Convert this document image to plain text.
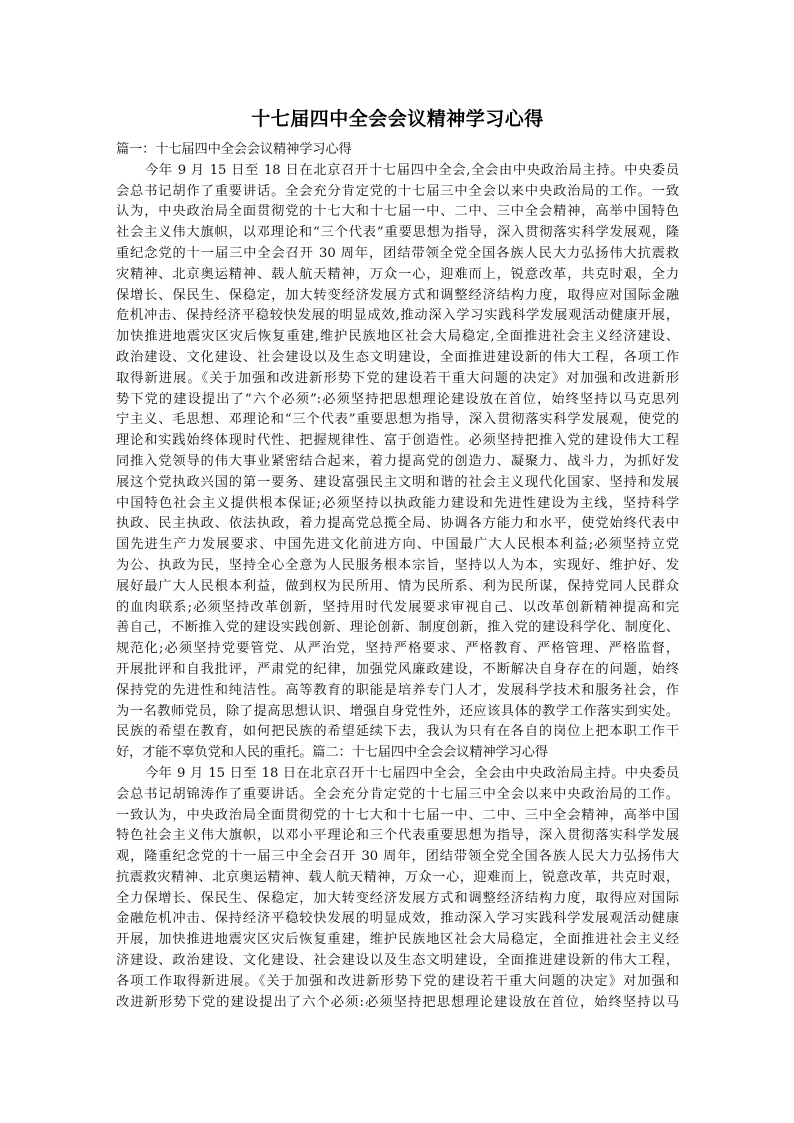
十七届四中全会会议精神学习心得
篇一：十七届四中全会会议精神学习心得
今年 9 月 15 日至 18 日在北京召开十七届四中全会,全会由中央政治局主持。中央委员
会总书记胡作了重要讲话。全会充分肯定党的十七届三中全会以来中央政治局的工作。一致
认为，中央政治局全面贯彻党的十七大和十七届一中、二中、三中全会精神，高举中国特色
社会主义伟大旗帜，以邓理论和“三个代表”重要思想为指导，深入贯彻落实科学发展观，隆
重纪念党的十一届三中全会召开 30 周年，团结带领全党全国各族人民大力弘扬伟大抗震救
灾精神、北京奥运精神、载人航天精神，万众一心，迎难而上，锐意改革，共克时艰，全力
保增长、保民生、保稳定，加大转变经济发展方式和调整经济结构力度，取得应对国际金融
危机冲击、保持经济平稳较快发展的明显成效,推动深入学习实践科学发展观活动健康开展，
加快推进地震灾区灾后恢复重建,维护民族地区社会大局稳定,全面推进社会主义经济建设、
政治建设、文化建设、社会建设以及生态文明建设，全面推进建设新的伟大工程，各项工作
取得新进展。《关于加强和改进新形势下党的建设若干重大问题的决定》对加强和改进新形
势下党的建设提出了“六个必须”:必须坚持把思想理论建设放在首位，始终坚持以马克思列
宁主义、毛思想、邓理论和“三个代表”重要思想为指导，深入贯彻落实科学发展观，使党的
理论和实践始终体现时代性、把握规律性、富于创造性。必须坚持把推入党的建设伟大工程
同推入党领导的伟大事业紧密结合起来，着力提高党的创造力、凝聚力、战斗力，为抓好发
展这个党执政兴国的第一要务、建设富强民主文明和谐的社会主义现代化国家、坚持和发展
中国特色社会主义提供根本保证;必须坚持以执政能力建设和先进性建设为主线，坚持科学
执政、民主执政、依法执政，着力提高党总揽全局、协调各方能力和水平，使党始终代表中
国先进生产力发展要求、中国先进文化前进方向、中国最广大人民根本利益;必须坚持立党
为公、执政为民，坚持全心全意为人民服务根本宗旨，坚持以人为本，实现好、维护好、发
展好最广大人民根本利益，做到权为民所用、情为民所系、利为民所谋，保持党同人民群众
的血肉联系;必须坚持改革创新，坚持用时代发展要求审视自己、以改革创新精神提高和完
善自己，不断推入党的建设实践创新、理论创新、制度创新，推入党的建设科学化、制度化、
规范化;必须坚持党要管党、从严治党，坚持严格要求、严格教育、严格管理、严格监督，
开展批评和自我批评，严肃党的纪律，加强党风廉政建设，不断解决自身存在的问题，始终
保持党的先进性和纯洁性。高等教育的职能是培养专门人才，发展科学技术和服务社会，作
为一名教师党员，除了提高思想认识、增强自身党性外，还应该具体的教学工作落实到实处。
民族的希望在教育，如何把民族的希望延续下去，我认为只有在各自的岗位上把本职工作干
好，才能不辜负党和人民的重托。篇二：十七届四中全会会议精神学习心得
今年 9 月 15 日至 18 日在北京召开十七届四中全会，全会由中央政治局主持。中央委员
会总书记胡锦涛作了重要讲话。全会充分肯定党的十七届三中全会以来中央政治局的工作。
一致认为，中央政治局全面贯彻党的十七大和十七届一中、二中、三中全会精神，高举中国
特色社会主义伟大旗帜，以邓小平理论和三个代表重要思想为指导，深入贯彻落实科学发展
观，隆重纪念党的十一届三中全会召开 30 周年，团结带领全党全国各族人民大力弘扬伟大
抗震救灾精神、北京奥运精神、载人航天精神，万众一心，迎难而上，锐意改革，共克时艰，
全力保增长、保民生、保稳定，加大转变经济发展方式和调整经济结构力度，取得应对国际
金融危机冲击、保持经济平稳较快发展的明显成效，推动深入学习实践科学发展观活动健康
开展，加快推进地震灾区灾后恢复重建，维护民族地区社会大局稳定，全面推进社会主义经
济建设、政治建设、文化建设、社会建设以及生态文明建设，全面推进建设新的伟大工程，
各项工作取得新进展。《关于加强和改进新形势下党的建设若干重大问题的决定》对加强和
改进新形势下党的建设提出了六个必须:必须坚持把思想理论建设放在首位，始终坚持以马
